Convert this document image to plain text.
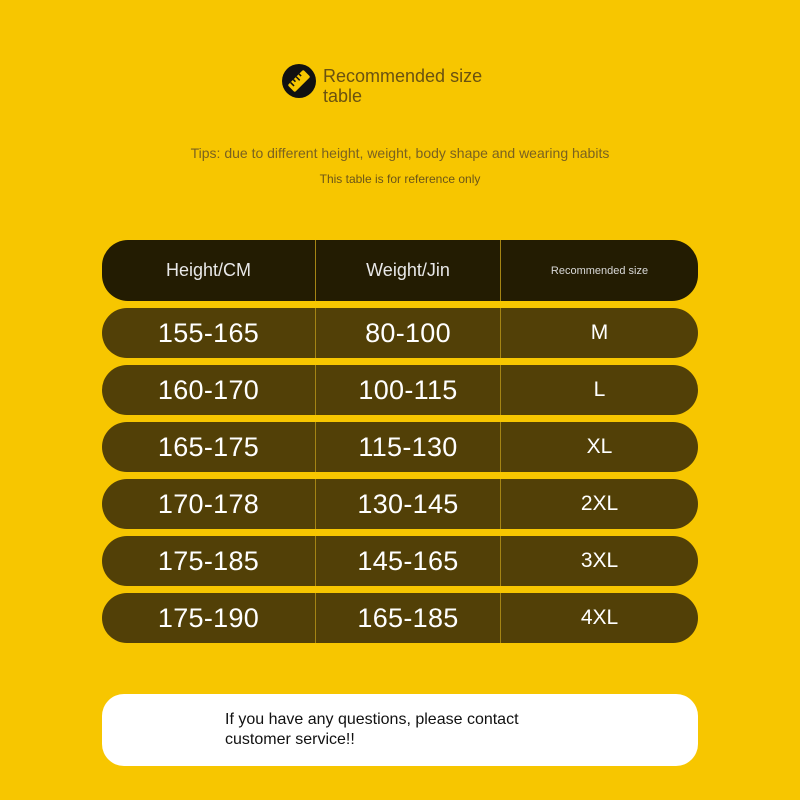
Recommended size table
Tips: due to different height, weight, body shape and wearing habits
This table is for reference only
Height/CM	Weight/Jin	Recommended size
155-165	80-100	M
160-170	100-115	L
165-175	115-130	XL
170-178	130-145	2XL
175-185	145-165	3XL
175-190	165-185	4XL
If you have any questions, please contact customer service!!
